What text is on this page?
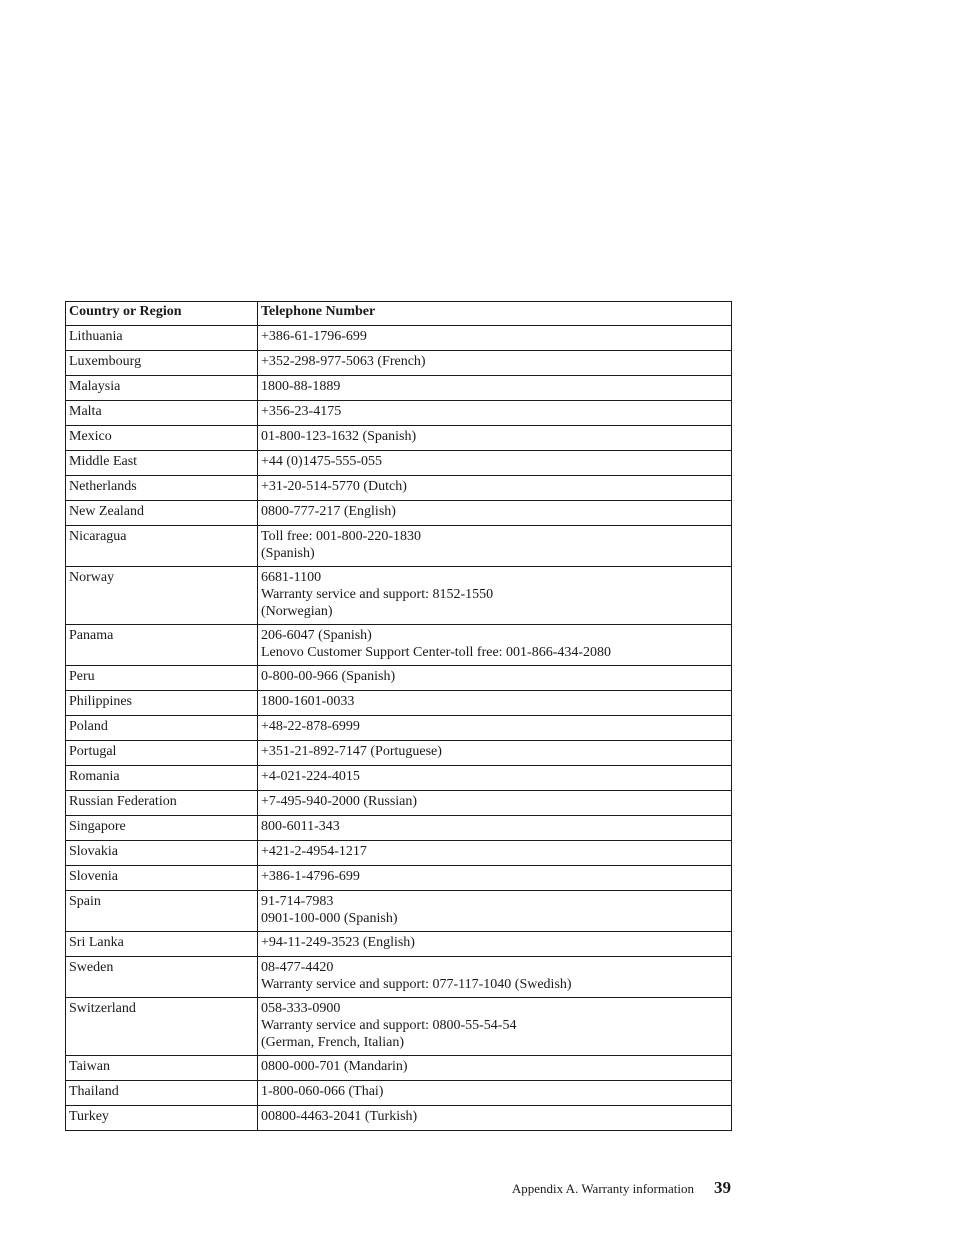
Country or Region	Telephone Number
Lithuania	+386-61-1796-699

Luxembourg	+352-298-977-5063 (French)

Malaysia	1800-88-1889

Malta	+356-23-4175

Mexico	01-800-123-1632 (Spanish)

Middle East	+44 (0)1475-555-055

Netherlands	+31-20-514-5770 (Dutch)

New Zealand	0800-777-217 (English)

Nicaragua	Toll free: 001-800-220-1830
(Spanish)

Norway	6681-1100
Warranty service and support: 8152-1550
(Norwegian)

Panama	206-6047 (Spanish)
Lenovo Customer Support Center-toll free: 001-866-434-2080

Peru	0-800-00-966 (Spanish)

Philippines	1800-1601-0033

Poland	+48-22-878-6999

Portugal	+351-21-892-7147 (Portuguese)

Romania	+4-021-224-4015

Russian Federation	+7-495-940-2000 (Russian)

Singapore	800-6011-343

Slovakia	+421-2-4954-1217

Slovenia	+386-1-4796-699

Spain	91-714-7983
0901-100-000 (Spanish)

Sri Lanka	+94-11-249-3523 (English)

Sweden	08-477-4420
Warranty service and support: 077-117-1040 (Swedish)

Switzerland	058-333-0900
Warranty service and support: 0800-55-54-54
(German, French, Italian)

Taiwan	0800-000-701 (Mandarin)

Thailand	1-800-060-066 (Thai)

Turkey	00800-4463-2041 (Turkish)
Appendix A. Warranty information 39
